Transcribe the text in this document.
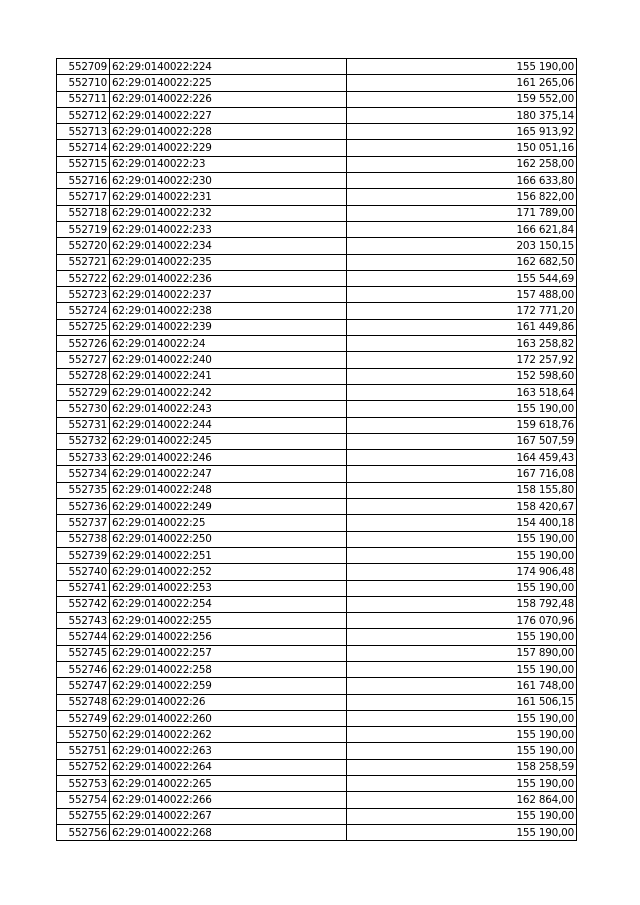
552709	62:29:0140022:224	155 190,00
552710	62:29:0140022:225	161 265,06
552711	62:29:0140022:226	159 552,00
552712	62:29:0140022:227	180 375,14
552713	62:29:0140022:228	165 913,92
552714	62:29:0140022:229	150 051,16
552715	62:29:0140022:23	162 258,00
552716	62:29:0140022:230	166 633,80
552717	62:29:0140022:231	156 822,00
552718	62:29:0140022:232	171 789,00
552719	62:29:0140022:233	166 621,84
552720	62:29:0140022:234	203 150,15
552721	62:29:0140022:235	162 682,50
552722	62:29:0140022:236	155 544,69
552723	62:29:0140022:237	157 488,00
552724	62:29:0140022:238	172 771,20
552725	62:29:0140022:239	161 449,86
552726	62:29:0140022:24	163 258,82
552727	62:29:0140022:240	172 257,92
552728	62:29:0140022:241	152 598,60
552729	62:29:0140022:242	163 518,64
552730	62:29:0140022:243	155 190,00
552731	62:29:0140022:244	159 618,76
552732	62:29:0140022:245	167 507,59
552733	62:29:0140022:246	164 459,43
552734	62:29:0140022:247	167 716,08
552735	62:29:0140022:248	158 155,80
552736	62:29:0140022:249	158 420,67
552737	62:29:0140022:25	154 400,18
552738	62:29:0140022:250	155 190,00
552739	62:29:0140022:251	155 190,00
552740	62:29:0140022:252	174 906,48
552741	62:29:0140022:253	155 190,00
552742	62:29:0140022:254	158 792,48
552743	62:29:0140022:255	176 070,96
552744	62:29:0140022:256	155 190,00
552745	62:29:0140022:257	157 890,00
552746	62:29:0140022:258	155 190,00
552747	62:29:0140022:259	161 748,00
552748	62:29:0140022:26	161 506,15
552749	62:29:0140022:260	155 190,00
552750	62:29:0140022:262	155 190,00
552751	62:29:0140022:263	155 190,00
552752	62:29:0140022:264	158 258,59
552753	62:29:0140022:265	155 190,00
552754	62:29:0140022:266	162 864,00
552755	62:29:0140022:267	155 190,00
552756	62:29:0140022:268	155 190,00
